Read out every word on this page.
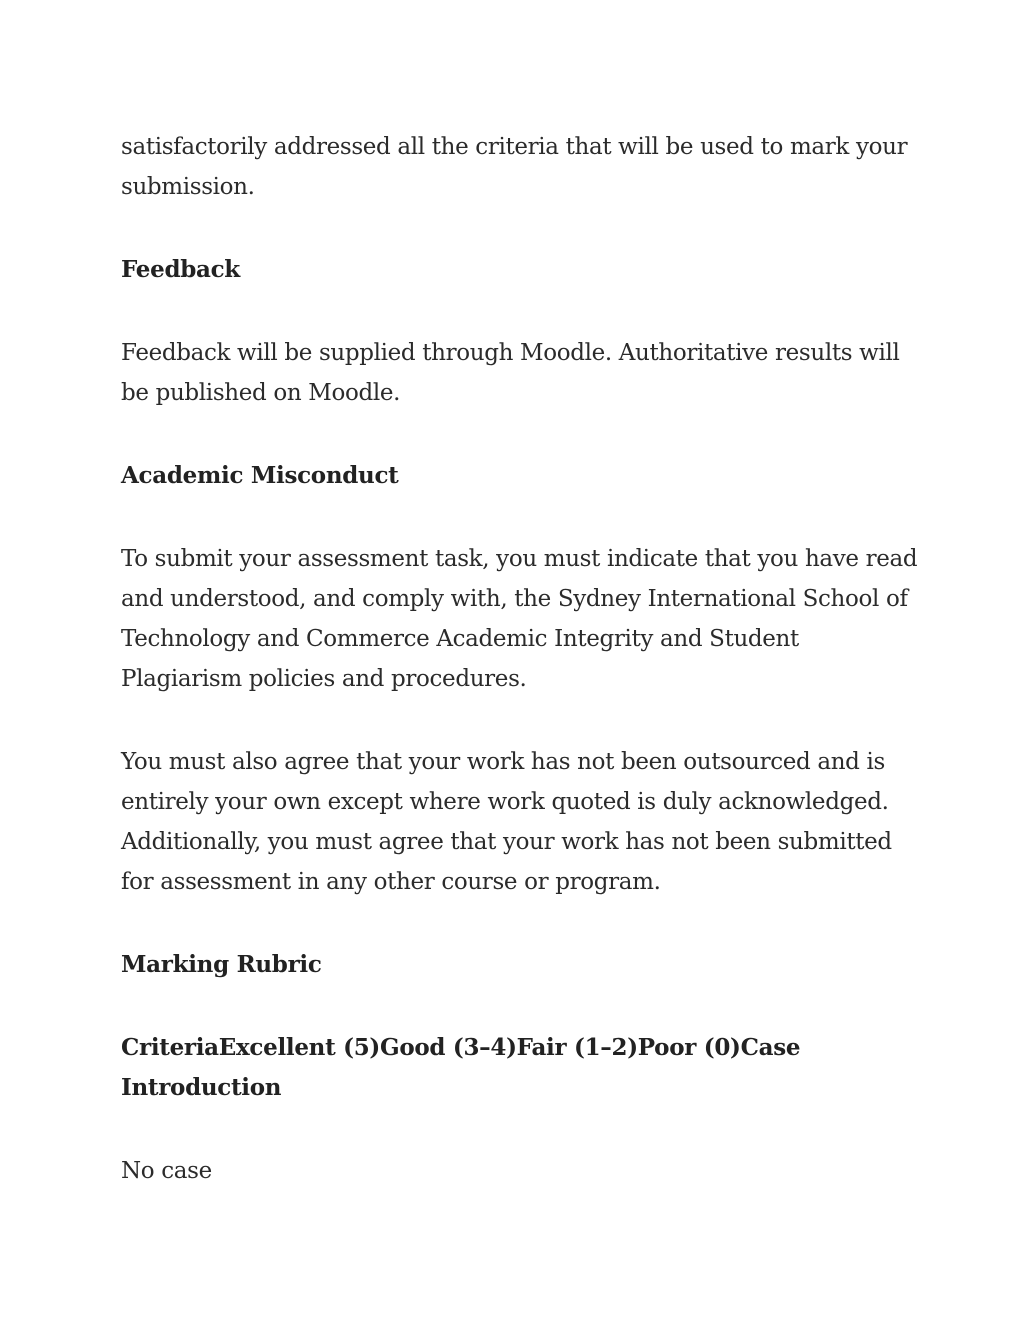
satisfactorily addressed all the criteria that will be used to mark your submission.

Feedback

Feedback will be supplied through Moodle. Authoritative results will be published on Moodle.

Academic Misconduct

To submit your assessment task, you must indicate that you have read and understood, and comply with, the Sydney International School of Technology and Commerce Academic Integrity and Student Plagiarism policies and procedures.

You must also agree that your work has not been outsourced and is entirely your own except where work quoted is duly acknowledged. Additionally, you must agree that your work has not been submitted for assessment in any other course or program.

Marking Rubric
CriteriaExcellent (5)Good (3–4)Fair (1–2)Poor (0)Case Introduction

No case
